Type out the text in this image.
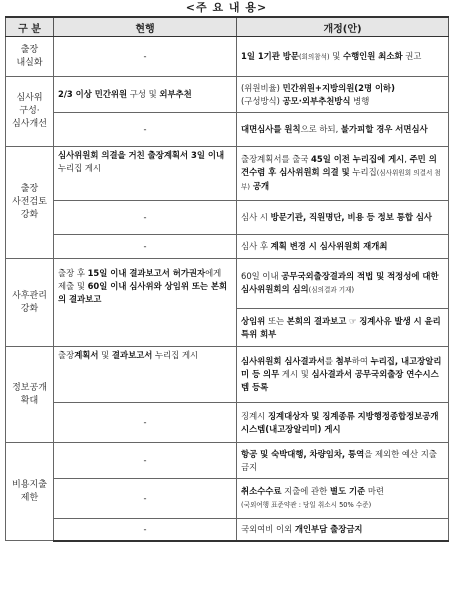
<주 요 내 용>
구 분	현행	개정(안)
출장
내실화	-	1일 1기관 방문(회의참석) 및 수행인원 최소화 권고
심사위
구성·
심사개선	2/3 이상 민간위원 구성 및 외부추천	(위원비율) 민간위원+지방의원(2명 이하)
(구성방식) 공모·외부추천방식 병행
	-	대면심사를 원칙으로 하되, 불가피할 경우 서면심사
출장
사전검토
강화	심사위원회 의결을 거친 출장계획서 3일 이내 누리집 게시	출장계획서를 출국 45일 이전 누리집에 게시, 주민 의견수렴 후 심사위원회 의결 및 누리집(심사위원회 의결서 첨부) 공개
	-	심사 시 방문기관, 직원명단, 비용 등 정보 통합 심사
	-	심사 후 계획 변경 시 심사위원회 재개최
사후관리
강화	출장 후 15일 이내 결과보고서 허가권자에게 제출 및 60일 이내 심사위와 상임위 또는 본회의 결과보고	60일 이내 공무국외출장결과의 적법 및 적정성에 대한 심사위원회의 심의(심의결과 기재)
		상임위 또는 본회의 결과보고 ☞ 징계사유 발생 시 윤리특위 회부
정보공개
확대	출장계획서 및 결과보고서 누리집 게시	심사위원회 심사결과서를 첨부하여 누리집, 내고장알리미 등 의무 게시 및 심사결과서 공무국외출장 연수시스템 등록
	-	징계시 징계대상자 및 징계종류 지방행정종합정보공개시스템(내고장알리미) 게시
비용지출
제한	-	항공 및 숙박대행, 차량임차, 통역을 제외한 예산 지출 금지
	-	취소수수료 지출에 관한 별도 기준 마련
(국외여행 표준약관 : 당일 취소시 50% 수준)
	-	국외여비 이외 개인부담 출장금지
